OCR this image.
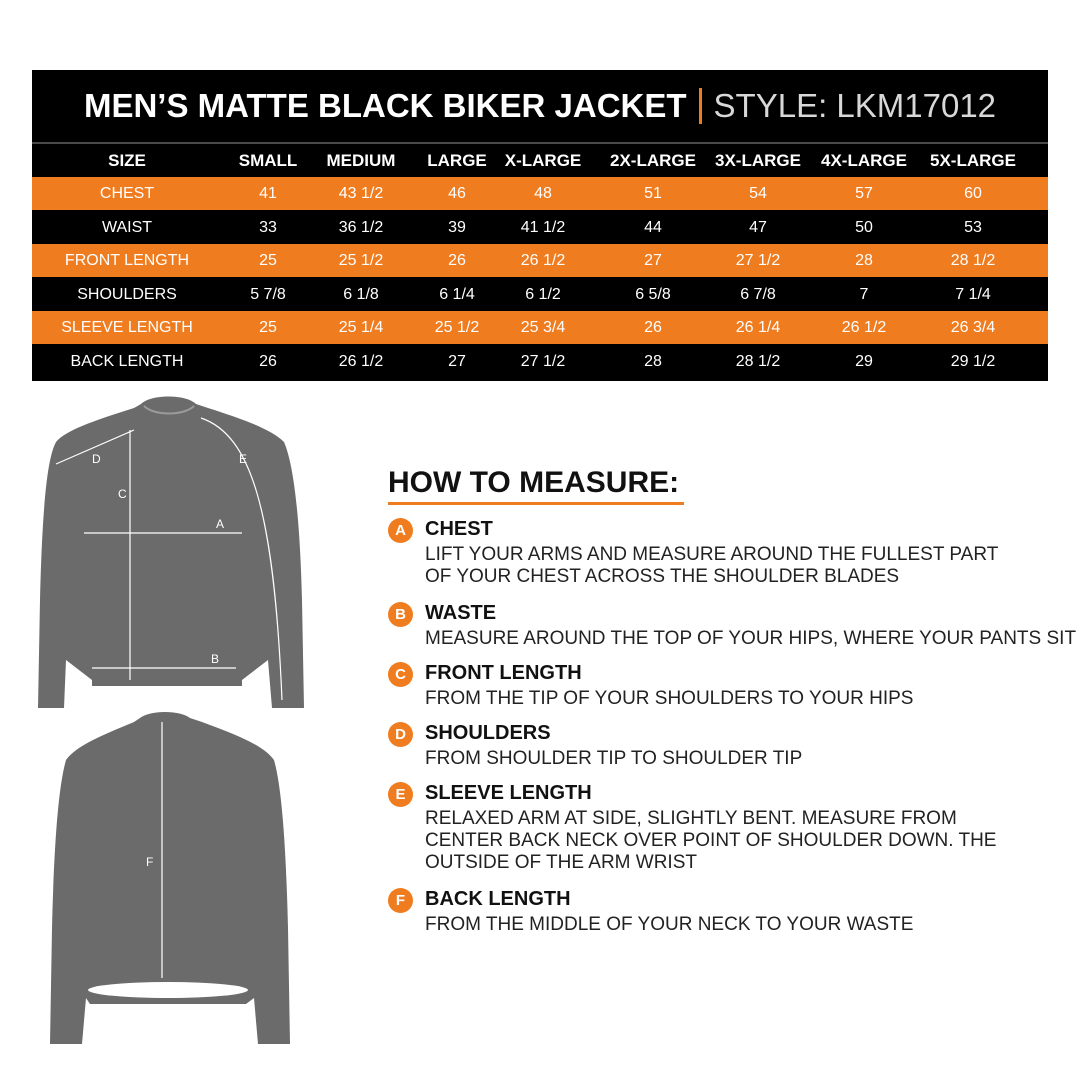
MEN’S MATTE BLACK BIKER JACKET STYLE: LKM17012
SIZE	SMALL MEDIUM LARGE X-LARGE 2X-LARGE 3X-LARGE 4X-LARGE 5X-LARGE
CHEST	41	43 1/2	46	48	51	54	57	60
WAIST	33	36 1/2	39	41 1/2	44	47	50	53
FRONT LENGTH	25	25 1/2	26	26 1/2	27	27 1/2	28	28 1/2
SHOULDERS	5 7/8	6 1/8	6 1/4	6 1/2	6 5/8	6 7/8	7	7 1/4
SLEEVE LENGTH	25	25 1/4	25 1/2	25 3/4	26	26 1/4	26 1/2	26 3/4
BACK LENGTH	26	26 1/2	27	27 1/2	28	28 1/2	29	29 1/2
C
A
B
D	E
F
HOW TO MEASURE:
A CHEST
LIFT YOUR ARMS AND MEASURE AROUND THE FULLEST PART
OF YOUR CHEST ACROSS THE SHOULDER BLADES
B WASTE
MEASURE AROUND THE TOP OF YOUR HIPS, WHERE YOUR PANTS SIT
C FRONT LENGTH
FROM THE TIP OF YOUR SHOULDERS TO YOUR HIPS
D SHOULDERS
FROM SHOULDER TIP TO SHOULDER TIP
E SLEEVE LENGTH
RELAXED ARM AT SIDE, SLIGHTLY BENT. MEASURE FROM
CENTER BACK NECK OVER POINT OF SHOULDER DOWN. THE
OUTSIDE OF THE ARM WRIST
F BACK LENGTH
FROM THE MIDDLE OF YOUR NECK TO YOUR WASTE
